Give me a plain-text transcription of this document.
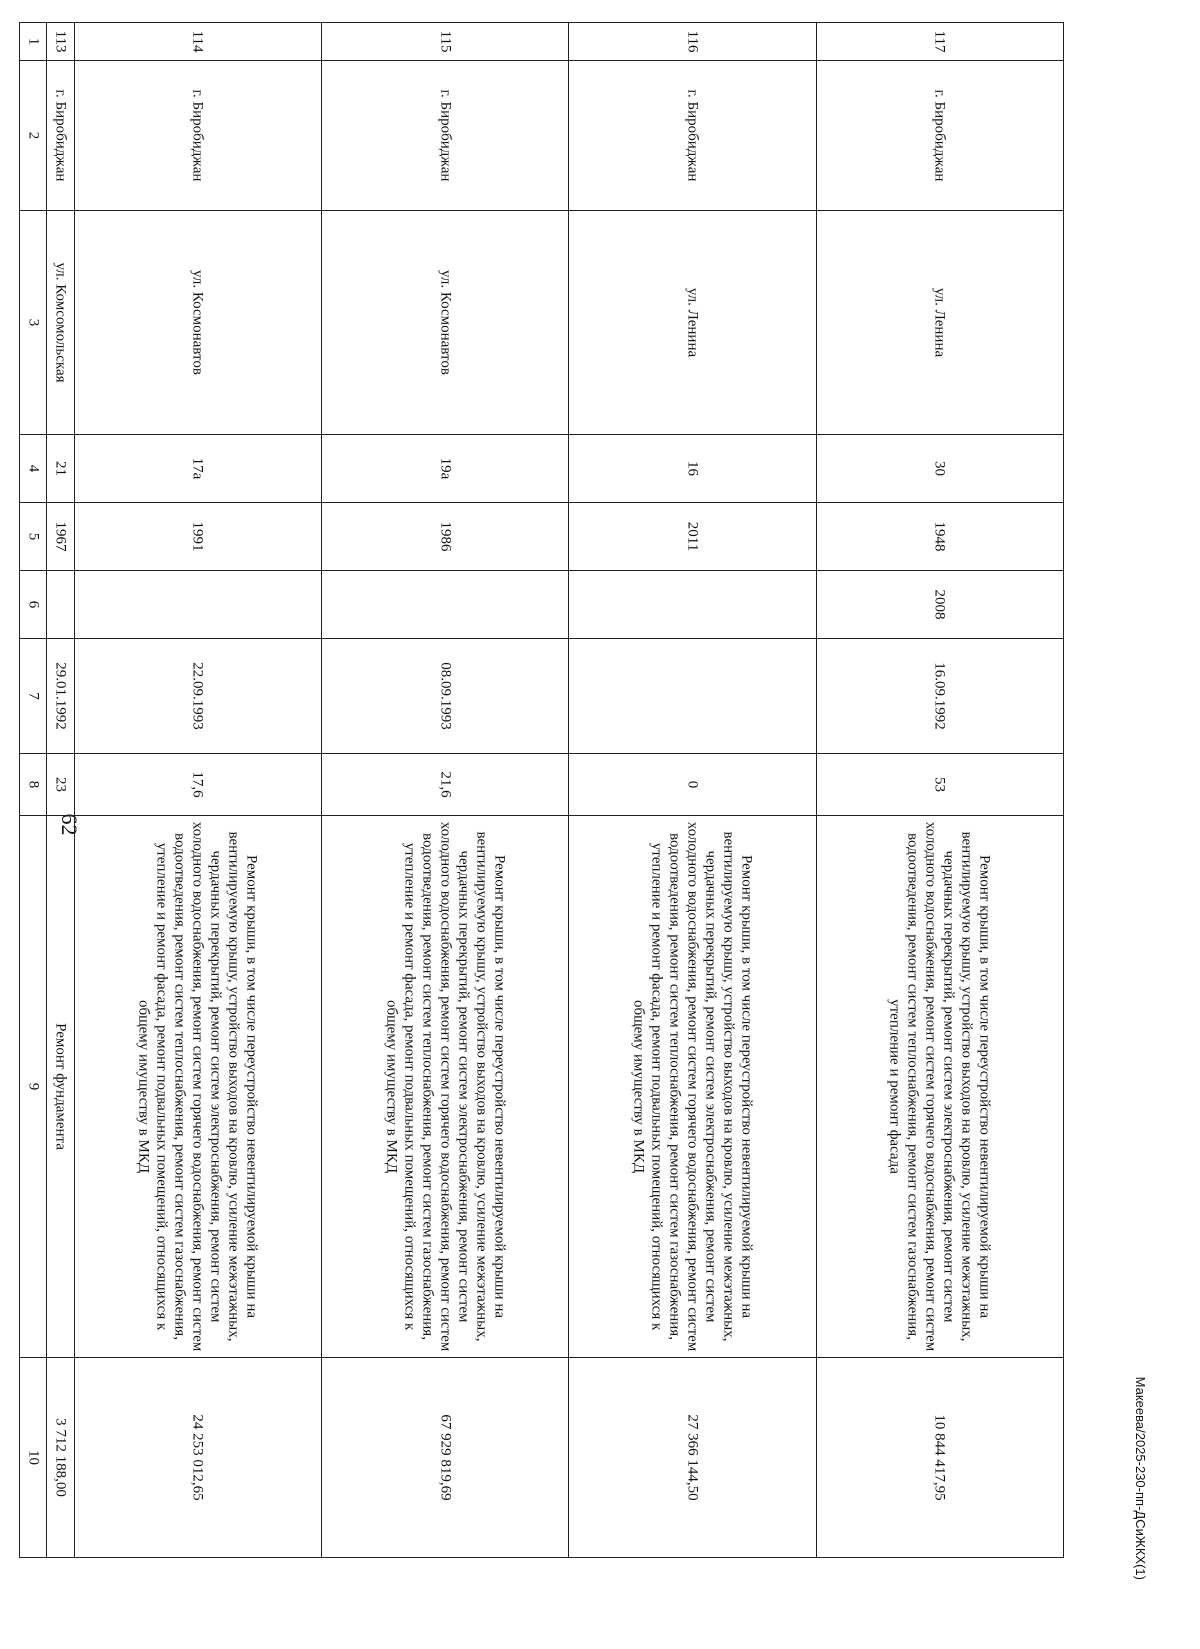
62
Макеева/2025-230-пп-ДСиЖКХ(1)
1	2	3	4	5	6	7	8	9	10
113	г. Биробиджан	ул. Комсомольская	21	1967		29.01.1992	23	Ремонт фундамента	3 712 188,00
114	г. Биробиджан	ул. Космонавтов	17а	1991		22.09.1993	17,6	Ремонт крыши, в том числе переустройство невентилируемой крыши на вентилируемую крышу, устройство выходов на кровлю, усиление межэтажных, чердачных перекрытий, ремонт систем электроснабжения, ремонт систем холодного водоснабжения, ремонт систем горячего водоснабжения, ремонт систем водоотведения, ремонт систем теплоснабжения, ремонт систем газоснабжения, утепление и ремонт фасада, ремонт подвальных помещений, относящихся к общему имуществу в МКД	24 253 012,65
115	г. Биробиджан	ул. Космонавтов	19а	1986		08.09.1993	21,6	Ремонт крыши, в том числе переустройство невентилируемой крыши на вентилируемую крышу, устройство выходов на кровлю, усиление межэтажных, чердачных перекрытий, ремонт систем электроснабжения, ремонт систем холодного водоснабжения, ремонт систем горячего водоснабжения, ремонт систем водоотведения, ремонт систем теплоснабжения, ремонт систем газоснабжения, утепление и ремонт фасада, ремонт подвальных помещений, относящихся к общему имуществу в МКД	67 929 819,69
116	г. Биробиджан	ул. Ленина	16	2011			0	Ремонт крыши, в том числе переустройство невентилируемой крыши на вентилируемую крышу, устройство выходов на кровлю, усиление межэтажных, чердачных перекрытий, ремонт систем электроснабжения, ремонт систем холодного водоснабжения, ремонт систем горячего водоснабжения, ремонт систем водоотведения, ремонт систем теплоснабжения, ремонт систем газоснабжения, утепление и ремонт фасада, ремонт подвальных помещений, относящихся к общему имуществу в МКД	27 366 144,50
117	г. Биробиджан	ул. Ленина	30	1948	2008	16.09.1992	53	Ремонт крыши, в том числе переустройство невентилируемой крыши на вентилируемую крышу, устройство выходов на кровлю, усиление межэтажных, чердачных перекрытий, ремонт систем электроснабжения, ремонт систем холодного водоснабжения, ремонт систем горячего водоснабжения, ремонт систем водоотведения, ремонт систем теплоснабжения, ремонт систем газоснабжения, утепление и ремонт фасада	10 844 417,95
